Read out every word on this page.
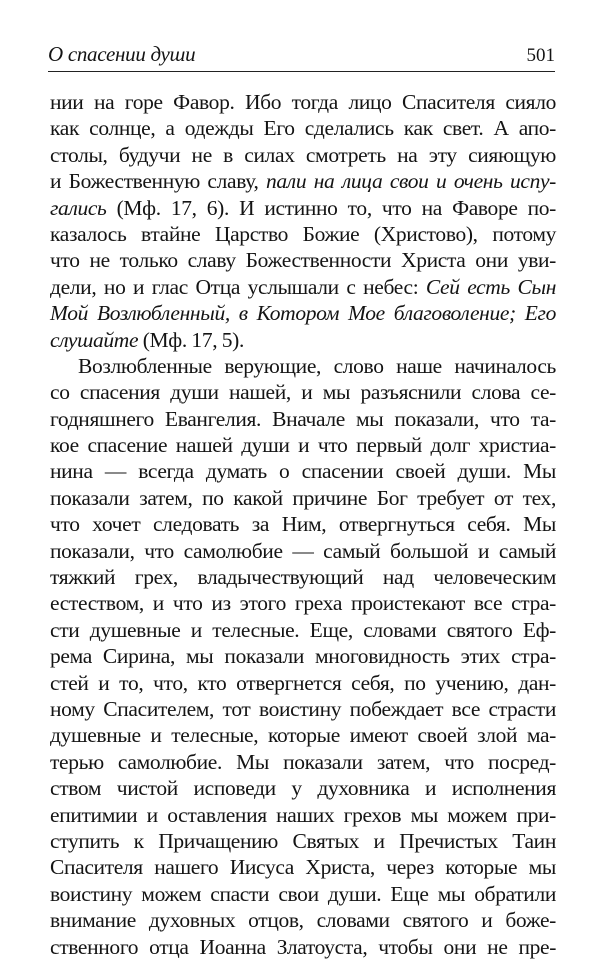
О спасении души	501
нии на горе Фавор. Ибо тогда лицо Спасителя сияло
как солнце, а одежды Его сделались как свет. А апо-
столы, будучи не в силах смотреть на эту сияющую
и Божественную славу, пали на лица свои и очень испу-
гались (Мф. 17, 6). И истинно то, что на Фаворе по-
казалось втайне Царство Божие (Христово), потому
что не только славу Божественности Христа они уви-
дели, но и глас Отца услышали с небес: Сей есть Сын
Мой Возлюбленный, в Котором Мое благоволение; Его
слушайте (Мф. 17, 5).
Возлюбленные верующие, слово наше начиналось
со спасения души нашей, и мы разъяснили слова се-
годняшнего Евангелия. Вначале мы показали, что та-
кое спасение нашей души и что первый долг христиа-
нина — всегда думать о спасении своей души. Мы
показали затем, по какой причине Бог требует от тех,
что хочет следовать за Ним, отвергнуться себя. Мы
показали, что самолюбие — самый большой и самый
тяжкий грех, владычествующий над человеческим
естеством, и что из этого греха проистекают все стра-
сти душевные и телесные. Еще, словами святого Еф-
рема Сирина, мы показали многовидность этих стра-
стей и то, что, кто отвергнется себя, по учению, дан-
ному Спасителем, тот воистину побеждает все страсти
душевные и телесные, которые имеют своей злой ма-
терью самолюбие. Мы показали затем, что посред-
ством чистой исповеди у духовника и исполнения
епитимии и оставления наших грехов мы можем при-
ступить к Причащению Святых и Пречистых Таин
Спасителя нашего Иисуса Христа, через которые мы
воистину можем спасти свои души. Еще мы обратили
внимание духовных отцов, словами святого и боже-
ственного отца Иоанна Златоуста, чтобы они не пре-
